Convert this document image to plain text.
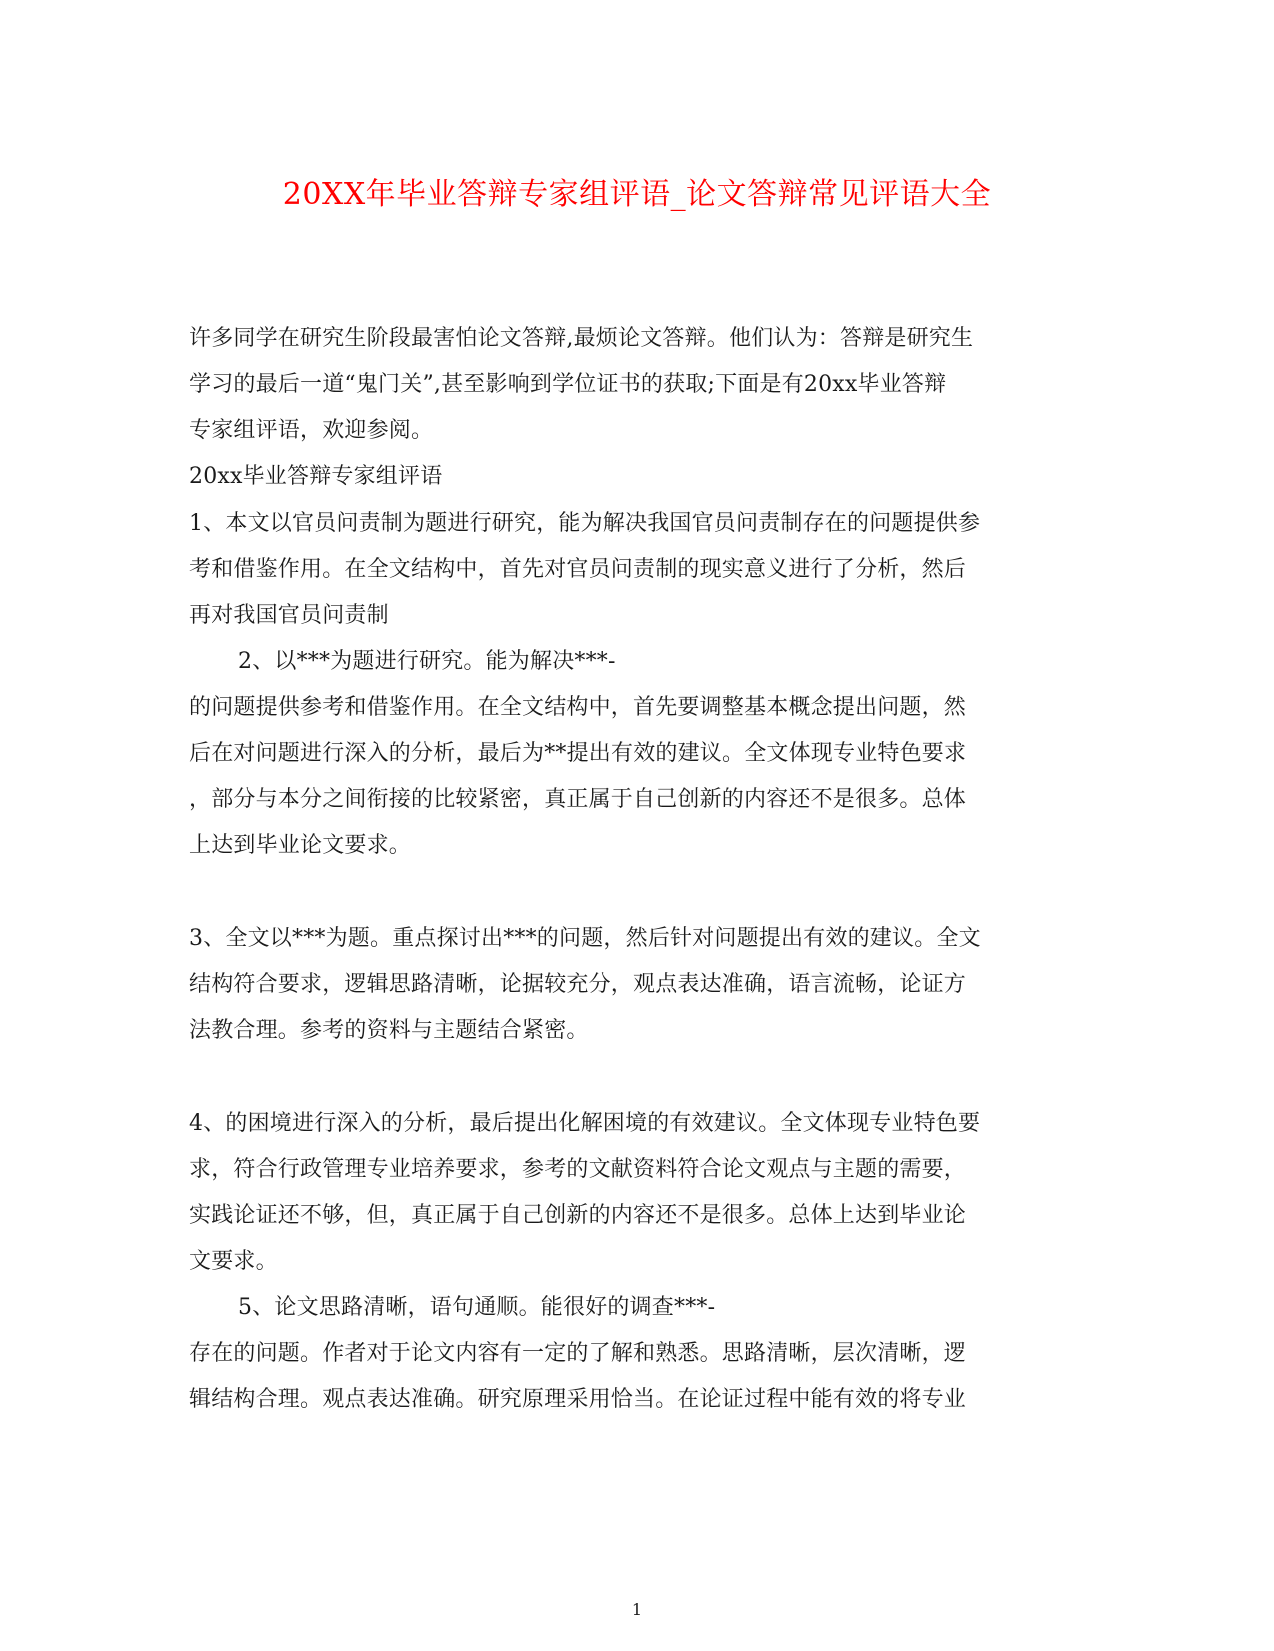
20XX年毕业答辩专家组评语_论文答辩常见评语大全
许多同学在研究生阶段最害怕论文答辩,最烦论文答辩。他们认为：答辩是研究生
学习的最后一道“鬼门关”,甚至影响到学位证书的获取;下面是有20xx毕业答辩
专家组评语，欢迎参阅。
20xx毕业答辩专家组评语
1、本文以官员问责制为题进行研究，能为解决我国官员问责制存在的问题提供参
考和借鉴作用。在全文结构中，首先对官员问责制的现实意义进行了分析，然后
再对我国官员问责制
2、以***为题进行研究。能为解决***-
的问题提供参考和借鉴作用。在全文结构中，首先要调整基本概念提出问题，然
后在对问题进行深入的分析，最后为**提出有效的建议。全文体现专业特色要求
，部分与本分之间衔接的比较紧密，真正属于自己创新的内容还不是很多。总体
上达到毕业论文要求。
3、全文以***为题。重点探讨出***的问题，然后针对问题提出有效的建议。全文
结构符合要求，逻辑思路清晰，论据较充分，观点表达准确，语言流畅，论证方
法教合理。参考的资料与主题结合紧密。
4、的困境进行深入的分析，最后提出化解困境的有效建议。全文体现专业特色要
求，符合行政管理专业培养要求，参考的文献资料符合论文观点与主题的需要，
实践论证还不够，但，真正属于自己创新的内容还不是很多。总体上达到毕业论
文要求。
5、论文思路清晰，语句通顺。能很好的调查***-
存在的问题。作者对于论文内容有一定的了解和熟悉。思路清晰，层次清晰，逻
辑结构合理。观点表达准确。研究原理采用恰当。在论证过程中能有效的将专业
1
